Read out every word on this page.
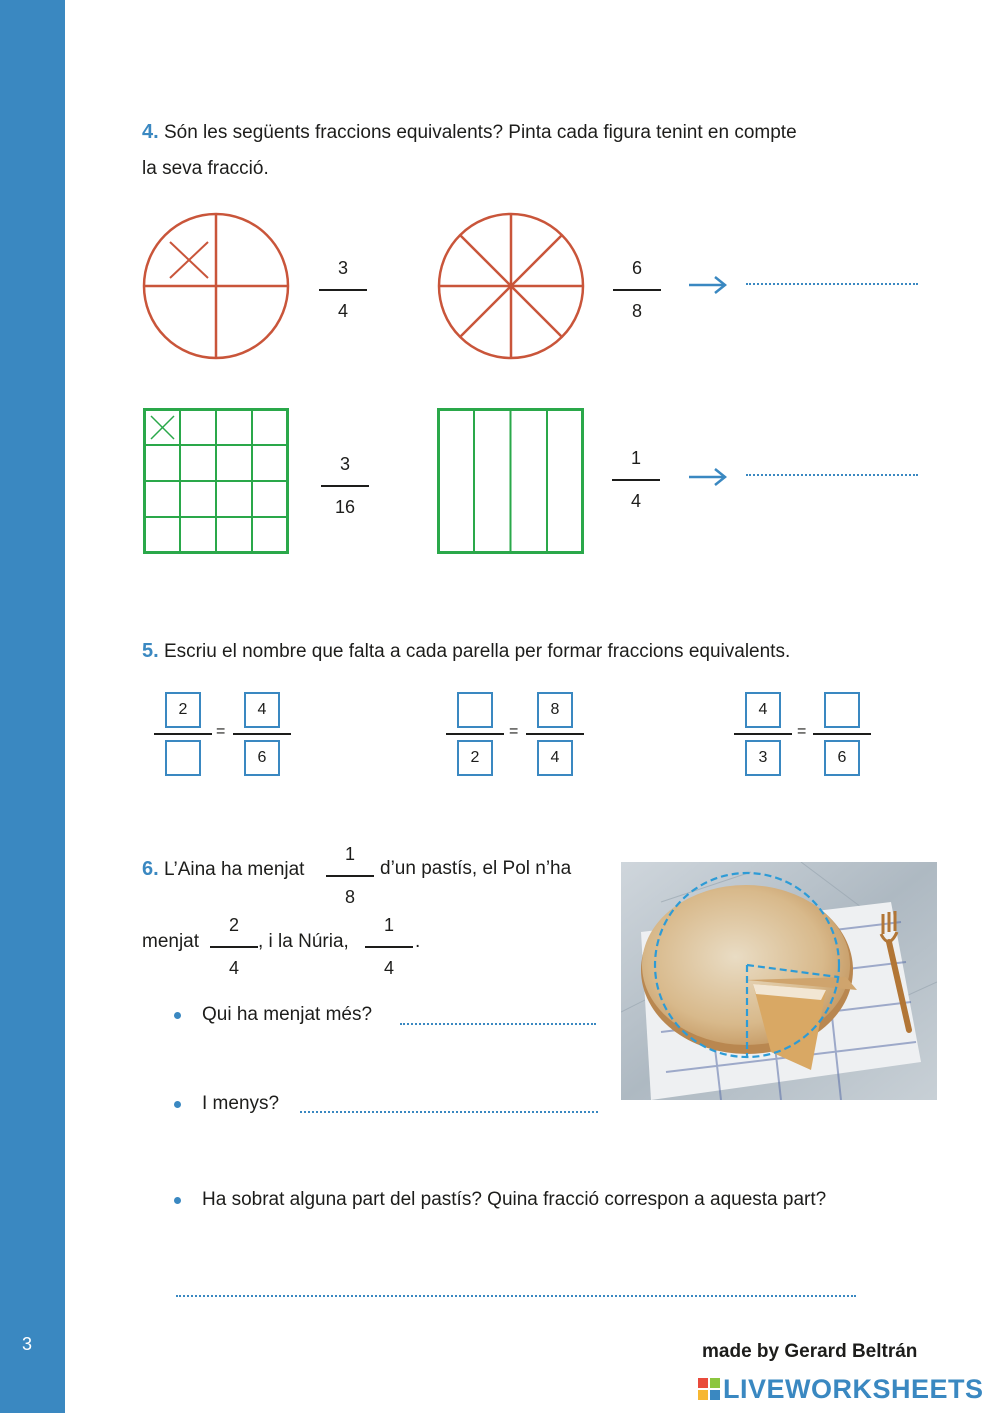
3
4. Són les següents fraccions equivalents? Pinta cada figura tenint en compte
la seva fracció.
3
4
6
8
3
16
1
4
5. Escriu el nombre que falta a cada parella per formar fraccions equivalents.
2
= $\frac{4}{6}$	2
= $\frac{8}{4}$	$\frac{4}{3}$ =
6
6. L’Aina ha menjat
1
8
d’un pastís, el Pol n’ha
menjat
2
4
, i la Núria,
1
4
.
Qui ha menjat més?
I menys?
Ha sobrat alguna part del pastís? Quina fracció correspon a aquesta part?
made by Gerard Beltrán
LIVEWORKSHEETS
